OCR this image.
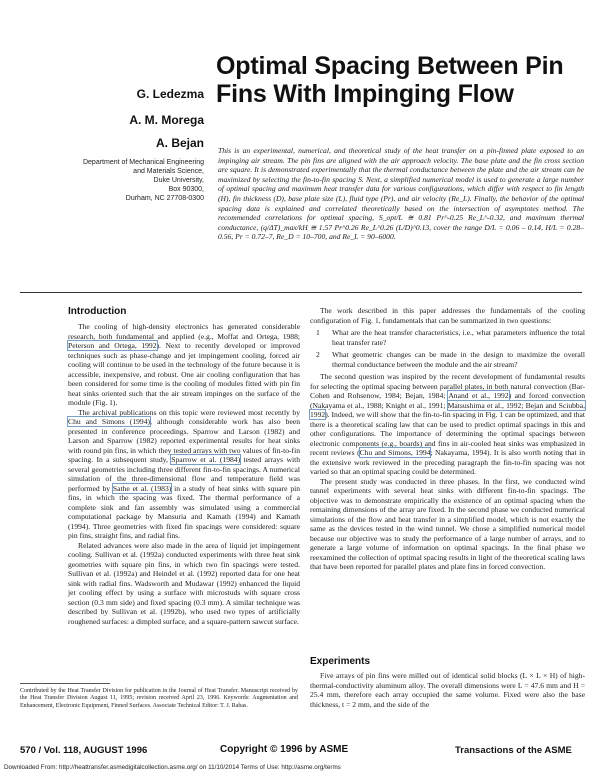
Optimal Spacing Between Pin Fins With Impinging Flow
G. Ledezma
A. M. Morega
A. Bejan
Department of Mechanical Engineering
and Materials Science,
Duke University,
Box 90300,
Durham, NC 27708-0300
This is an experimental, numerical, and theoretical study of the heat transfer on a pin-finned plate exposed to an impinging air stream. The pin fins are aligned with the air approach velocity. The base plate and the fin cross section are square. It is demonstrated experimentally that the thermal conductance between the plate and the air stream can be maximized by selecting the fin-to-fin spacing S. Next, a simplified numerical model is used to generate a large number of optimal spacing and maximum heat transfer data for various configurations, which differ with respect to fin length (H), fin thickness (D), base plate size (L), fluid type (Pr), and air velocity (Re_L). Finally, the behavior of the optimal spacing data is explained and correlated theoretically based on the intersection of asymptotes method. The recommended correlations for optimal spacing, S_opt/L ≅ 0.81 Pr^-0.25 Re_L^-0.32, and maximum thermal conductance, (q/ΔT)_max/kH ≅ 1.57 Pr^0.26 Re_L^0.26 (L/D)^0.13, cover the range D/L = 0.06 – 0.14, H/L = 0.28–0.56, Pr = 0.72–7, Re_D = 10–700, and Re_L = 90–6000.
Introduction

The cooling of high-density electronics has generated considerable research, both fundamental and applied (e.g., Moffat and Ortega, 1988; Peterson and Ortega, 1992). Next to recently developed or improved techniques such as phase-change and jet impingement cooling, forced air cooling will continue to be used in the technology of the future because it is accessible, inexpensive, and robust. One air cooling configuration that has been considered for some time is the cooling of modules fitted with pin fin heat sinks oriented such that the air stream impinges on the surface of the module (Fig. 1).

The archival publications on this topic were reviewed most recently by Chu and Simons (1994), although considerable work has also been presented in conference proceedings. Sparrow and Larson (1982) and Larson and Sparrow (1982) reported experimental results for heat sinks with round pin fins, in which they tested arrays with two values of fin-to-fin spacing. In a subsequent study, Sparrow et al. (1984) tested arrays with several geometries including three different fin-to-fin spacings. A numerical simulation of the three-dimensional flow and temperature field was performed by Sathe et al. (1983) in a study of heat sinks with square pin fins, in which the spacing was fixed. The thermal performance of a complete sink and fan assembly was simulated using a commercial computational package by Mansuria and Kamath (1994) and Kamath (1994). Three geometries with fixed fin spacings were considered: square pin fins, straight fins, and radial fins.

Related advances were also made in the area of liquid jet impingement cooling. Sullivan et al. (1992a) conducted experiments with three heat sink geometries with square pin fins, in which two fin spacings were tested. Sullivan et al. (1992a) and Heindel et al. (1992) reported data for one heat sink with radial fins. Wadsworth and Mudawar (1992) enhanced the liquid jet cooling effect by using a surface with microstuds with square cross section (0.3 mm side) and fixed spacing (0.3 mm). A similar technique was described by Sullivan et al. (1992b), who used two types of artificially roughened surfaces: a dimpled surface, and a square-pattern sawcut surface.

Contributed by the Heat Transfer Division for publication in the Journal of Heat Transfer. Manuscript received by the Heat Transfer Division August 11, 1995; revision received April 23, 1996. Keywords: Augmentation and Enhancement, Electronic Equipment, Finned Surfaces. Associate Technical Editor: T. J. Rabas.

The work described in this paper addresses the fundamentals of the cooling configuration of Fig. 1, fundamentals that can be summarized in two questions:

1 What are the heat transfer characteristics, i.e., what parameters influence the total heat transfer rate?
2 What geometric changes can be made in the design to maximize the overall thermal conductance between the module and the air stream?

The second question was inspired by the recent development of fundamental results for selecting the optimal spacing between parallel plates, in both natural convection (Bar-Cohen and Rohsenow, 1984; Bejan, 1984; Anand et al., 1992) and forced convection (Nakayama et al., 1988; Knight et al., 1991; Matsushima et al., 1992; Bejan and Sciubba, 1992). Indeed, we will show that the fin-to-fin spacing in Fig. 1 can be optimized, and that there is a theoretical scaling law that can be used to predict optimal spacings in this and other configurations. The importance of determining the optimal spacings between electronic components (e.g., boards) and fins in air-cooled heat sinks was emphasized in recent reviews (Chu and Simons, 1994; Nakayama, 1994). It is also worth noting that in the extensive work reviewed in the preceding paragraph the fin-to-fin spacing was not varied so that an optimal spacing could be determined.

The present study was conducted in three phases. In the first, we conducted wind tunnel experiments with several heat sinks with different fin-to-fin spacings. The objective was to demonstrate empirically the existence of an optimal spacing when the remaining dimensions of the array are fixed. In the second phase we conducted numerical simulations of the flow and heat transfer in a simplified model, which is not exactly the same as the devices tested in the wind tunnel. We chose a simplified numerical model because our objective was to study the performance of a large number of arrays, and to generate a large volume of information on optimal spacings. In the final phase we reexamined the collection of optimal spacing results in light of the theoretical scaling laws that have been reported for parallel plates and plate fins in forced convection.

Experiments

Five arrays of pin fins were milled out of identical solid blocks (L × L × H) of high-thermal-conductivity aluminum alloy. The overall dimensions were L = 47.6 mm and H = 25.4 mm, therefore each array occupied the same volume. Fixed were also the base thickness, t = 2 mm, and the side of the

570 / Vol. 118, AUGUST 1996	Copyright © 1996 by ASME	Transactions of the ASME
Downloaded From: http://heattransfer.asmedigitalcollection.asme.org/ on 11/10/2014 Terms of Use: http://asme.org/terms
